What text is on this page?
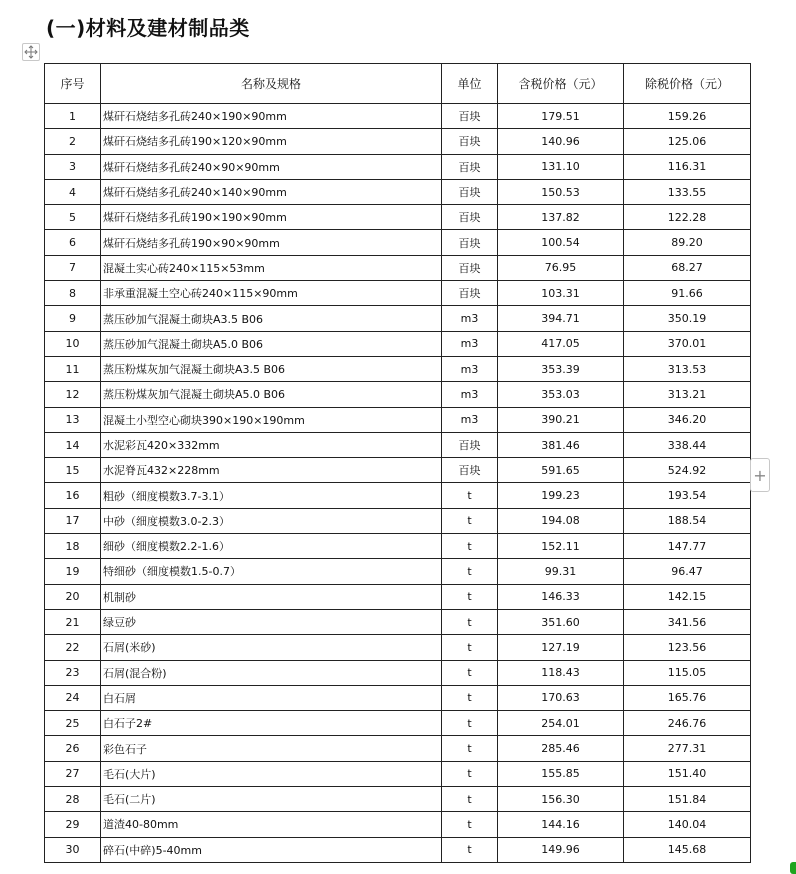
(一)材料及建材制品类
序号	名称及规格	单位	含税价格（元）	除税价格（元）
1	煤矸石烧结多孔砖240×190×90mm	百块	179.51	159.26
2	煤矸石烧结多孔砖190×120×90mm	百块	140.96	125.06
3	煤矸石烧结多孔砖240×90×90mm	百块	131.10	116.31
4	煤矸石烧结多孔砖240×140×90mm	百块	150.53	133.55
5	煤矸石烧结多孔砖190×190×90mm	百块	137.82	122.28
6	煤矸石烧结多孔砖190×90×90mm	百块	100.54	89.20
7	混凝土实心砖240×115×53mm	百块	76.95	68.27
8	非承重混凝土空心砖240×115×90mm	百块	103.31	91.66
9	蒸压砂加气混凝土砌块A3.5 B06	m3	394.71	350.19
10	蒸压砂加气混凝土砌块A5.0 B06	m3	417.05	370.01
11	蒸压粉煤灰加气混凝土砌块A3.5 B06	m3	353.39	313.53
12	蒸压粉煤灰加气混凝土砌块A5.0 B06	m3	353.03	313.21
13	混凝土小型空心砌块390×190×190mm	m3	390.21	346.20
14	水泥彩瓦420×332mm	百块	381.46	338.44
15	水泥脊瓦432×228mm	百块	591.65	524.92
16	粗砂（细度模数3.7-3.1）	t	199.23	193.54
17	中砂（细度模数3.0-2.3）	t	194.08	188.54
18	细砂（细度模数2.2-1.6）	t	152.11	147.77
19	特细砂（细度模数1.5-0.7）	t	99.31	96.47
20	机制砂	t	146.33	142.15
21	绿豆砂	t	351.60	341.56
22	石屑(米砂)	t	127.19	123.56
23	石屑(混合粉)	t	118.43	115.05
24	白石屑	t	170.63	165.76
25	白石子2#	t	254.01	246.76
26	彩色石子	t	285.46	277.31
27	毛石(大片)	t	155.85	151.40
28	毛石(二片)	t	156.30	151.84
29	道渣40-80mm	t	144.16	140.04
30	碎石(中碎)5-40mm	t	149.96	145.68
+
